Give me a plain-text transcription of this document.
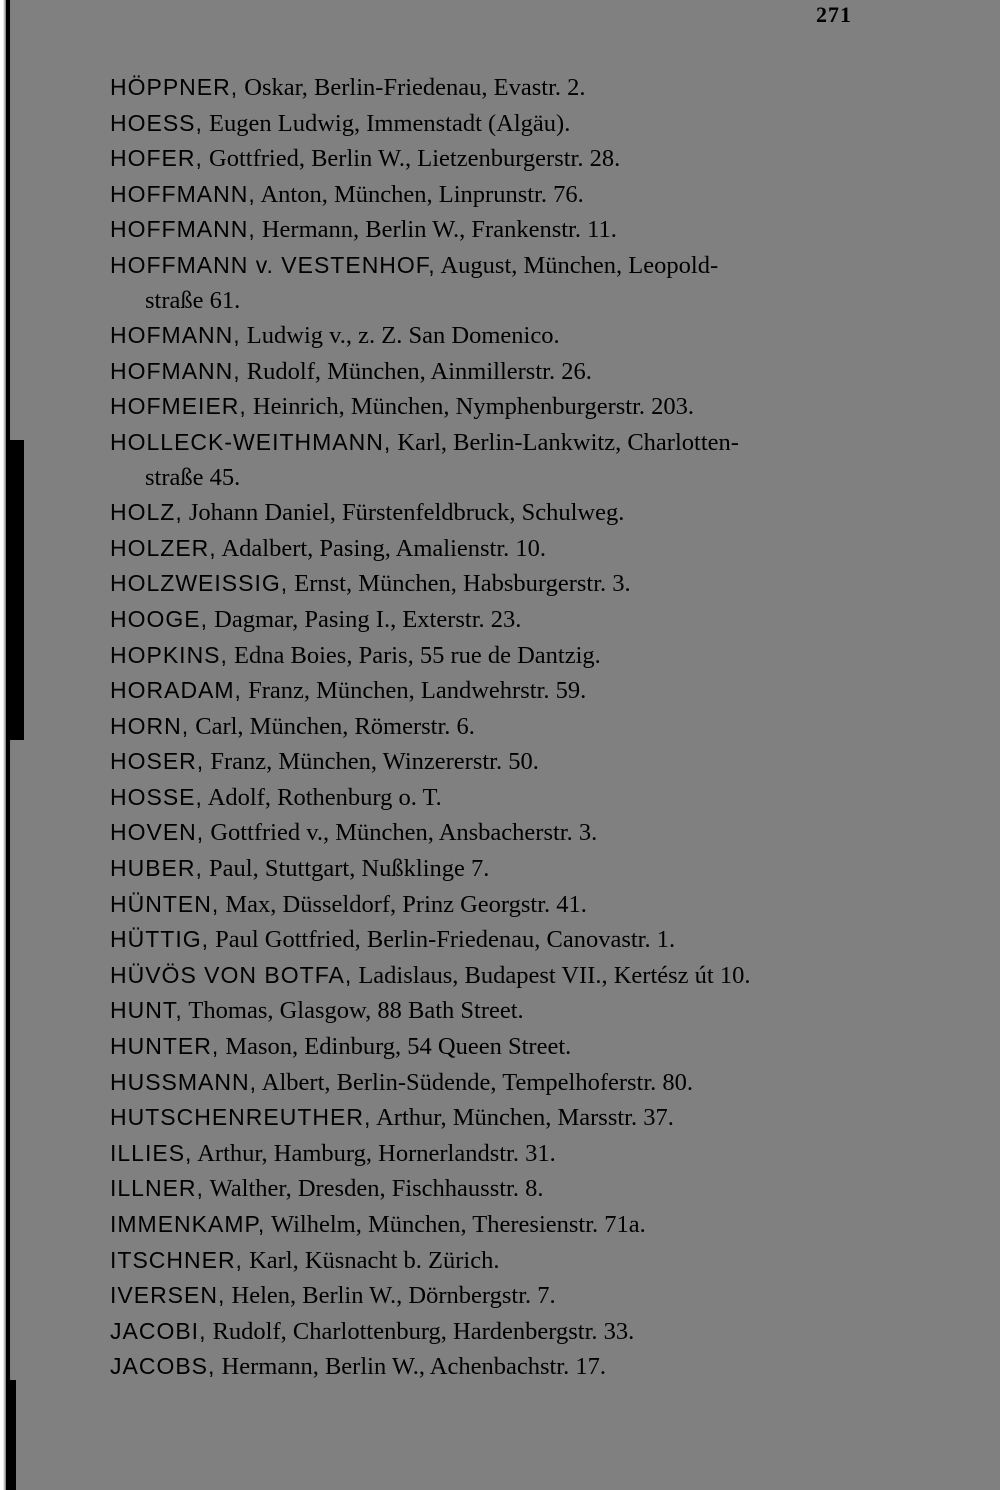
271
HÖPPNER, Oskar, Berlin-Friedenau, Evastr. 2.
HOESS, Eugen Ludwig, Immenstadt (Algäu).
HOFER, Gottfried, Berlin W., Lietzenburgerstr. 28.
HOFFMANN, Anton, München, Linprunstr. 76.
HOFFMANN, Hermann, Berlin W., Frankenstr. 11.
HOFFMANN v. VESTENHOF, August, München, Leopold-
straße 61.
HOFMANN, Ludwig v., z. Z. San Domenico.
HOFMANN, Rudolf, München, Ainmillerstr. 26.
HOFMEIER, Heinrich, München, Nymphenburgerstr. 203.
HOLLECK-WEITHMANN, Karl, Berlin-Lankwitz, Charlotten-
straße 45.
HOLZ, Johann Daniel, Fürstenfeldbruck, Schulweg.
HOLZER, Adalbert, Pasing, Amalienstr. 10.
HOLZWEISSIG, Ernst, München, Habsburgerstr. 3.
HOOGE, Dagmar, Pasing I., Exterstr. 23.
HOPKINS, Edna Boies, Paris, 55 rue de Dantzig.
HORADAM, Franz, München, Landwehrstr. 59.
HORN, Carl, München, Römerstr. 6.
HOSER, Franz, München, Winzererstr. 50.
HOSSE, Adolf, Rothenburg o. T.
HOVEN, Gottfried v., München, Ansbacherstr. 3.
HUBER, Paul, Stuttgart, Nußklinge 7.
HÜNTEN, Max, Düsseldorf, Prinz Georgstr. 41.
HÜTTIG, Paul Gottfried, Berlin-Friedenau, Canovastr. 1.
HÜVÖS VON BOTFA, Ladislaus, Budapest VII., Kertész út 10.
HUNT, Thomas, Glasgow, 88 Bath Street.
HUNTER, Mason, Edinburg, 54 Queen Street.
HUSSMANN, Albert, Berlin-Südende, Tempelhoferstr. 80.
HUTSCHENREUTHER, Arthur, München, Marsstr. 37.
ILLIES, Arthur, Hamburg, Hornerlandstr. 31.
ILLNER, Walther, Dresden, Fischhausstr. 8.
IMMENKAMP, Wilhelm, München, Theresienstr. 71a.
ITSCHNER, Karl, Küsnacht b. Zürich.
IVERSEN, Helen, Berlin W., Dörnbergstr. 7.
JACOBI, Rudolf, Charlottenburg, Hardenbergstr. 33.
JACOBS, Hermann, Berlin W., Achenbachstr. 17.
